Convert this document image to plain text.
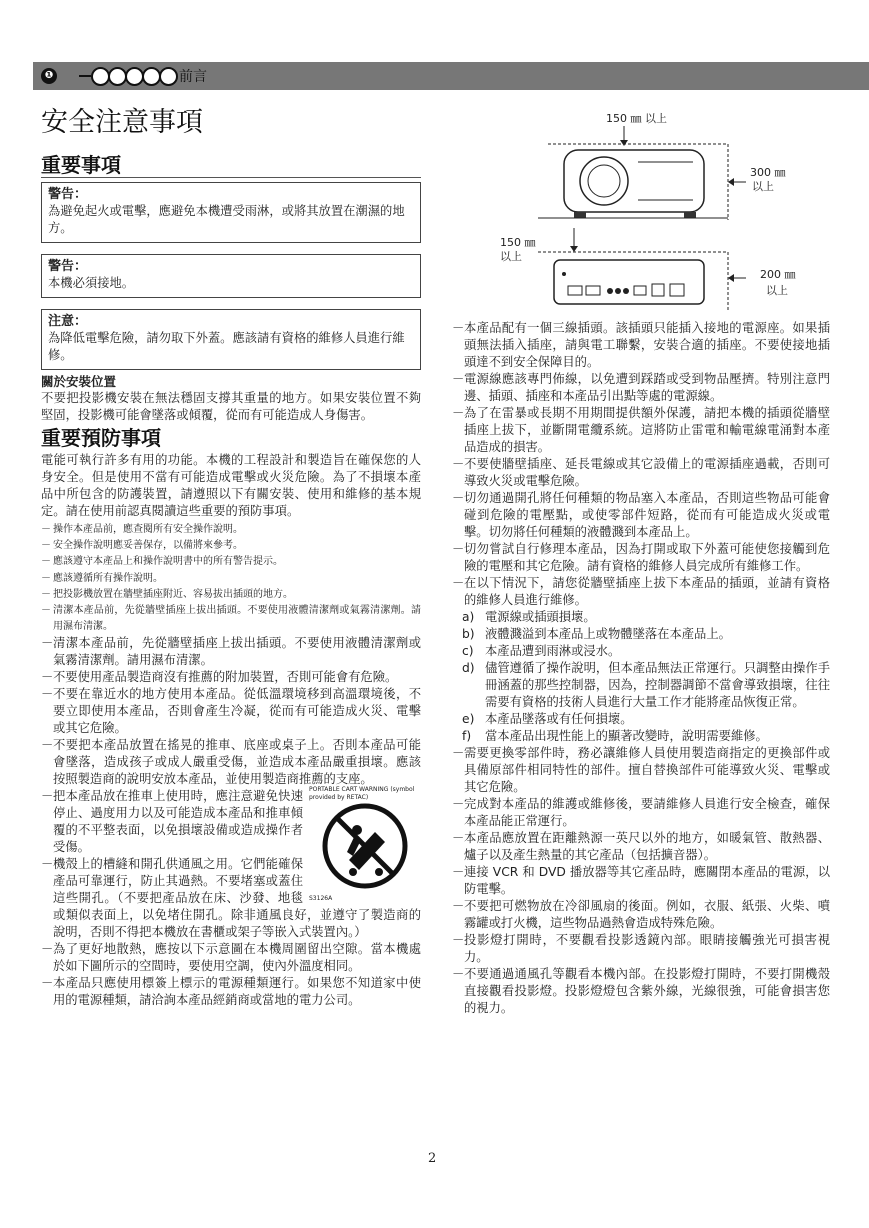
❶	前言
安全注意事項
重要事項
警告：
為避免起火或電擊，應避免本機遭受雨淋，或將其放置在潮濕的地方。
警告：
本機必須接地。
注意：
為降低電擊危險，請勿取下外蓋。應該請有資格的維修人員進行維修。
關於安裝位置

不要把投影機安裝在無法穩固支撐其重量的地方。如果安裝位置不夠堅固，投影機可能會墜落或傾覆，從而有可能造成人身傷害。

重要預防事項

電能可執行許多有用的功能。本機的工程設計和製造旨在確保您的人身安全。但是使用不當有可能造成電擊或火災危險。為了不損壞本產品中所包含的防護裝置，請遵照以下有關安裝、使用和維修的基本規定。請在使用前認真閱讀這些重要的預防事項。

－ 操作本產品前，應查閱所有安全操作說明。
－ 安全操作說明應妥善保存，以備將來參考。
－ 應該遵守本產品上和操作說明書中的所有警告提示。
－ 應該遵循所有操作說明。
－ 把投影機放置在牆壁插座附近、容易拔出插頭的地方。
－ 清潔本產品前，先從牆壁插座上拔出插頭。不要使用液體清潔劑或氣霧清潔劑。請用濕布清潔。
－ 清潔本產品前，先從牆壁插座上拔出插頭。不要使用液體清潔劑或氣霧清潔劑。請用濕布清潔。
－ 不要使用產品製造商沒有推薦的附加裝置，否則可能會有危險。
－ 不要在靠近水的地方使用本產品。從低溫環境移到高溫環境後，不要立即使用本產品，否則會產生冷凝，從而有可能造成火災、電擊或其它危險。
－ 不要把本產品放置在搖晃的推車、底座或桌子上。否則本產品可能會墜落，造成孩子或成人嚴重受傷，並造成本產品嚴重損壞。應該按照製造商的說明安放本產品，並使用製造商推薦的支座。
PORTABLE CART WARNING (symbol provided by RETAC)
S3126A
－ 把本產品放在推車上使用時，應注意避免快速停止、過度用力以及可能造成本產品和推車傾覆的不平整表面，以免損壞設備或造成操作者受傷。
－ 機殼上的槽縫和開孔供通風之用。它們能確保產品可靠運行，防止其過熱。不要堵塞或蓋住這些開孔。（不要把產品放在床、沙發、地毯或類似表面上，以免堵住開孔。除非通風良好，並遵守了製造商的說明，否則不得把本機放在書櫃或架子等嵌入式裝置內。）
－ 為了更好地散熱，應按以下示意圖在本機周圍留出空隙。當本機處於如下圖所示的空間時，要使用空調，使內外溫度相同。
－ 本產品只應使用標簽上標示的電源種類運行。如果您不知道家中使用的電源種類，請洽詢本產品經銷商或當地的電力公司。
150 ㎜ 以上
300 ㎜
以上
150 ㎜
以上
200 ㎜
以上
－ 本產品配有一個三線插頭。該插頭只能插入接地的電源座。如果插頭無法插入插座，請與電工聯繫，安裝合適的插座。不要使接地插頭達不到安全保障目的。
－ 電源線應該專門佈線，以免遭到踩踏或受到物品壓擠。特別注意門邊、插頭、插座和本產品引出點等處的電源線。
－ 為了在雷暴或長期不用期間提供額外保護，請把本機的插頭從牆壁插座上拔下，並斷開電纜系統。這將防止雷電和輸電線電涌對本產品造成的損害。
－ 不要使牆壁插座、延長電線或其它設備上的電源插座過載，否則可導致火災或電擊危險。
－ 切勿通過開孔將任何種類的物品塞入本產品，否則這些物品可能會碰到危險的電壓點，或使零部件短路，從而有可能造成火災或電擊。切勿將任何種類的液體濺到本產品上。
－ 切勿嘗試自行修理本產品，因為打開或取下外蓋可能使您接觸到危險的電壓和其它危險。請有資格的維修人員完成所有維修工作。
－ 在以下情況下，請您從牆壁插座上拔下本產品的插頭，並請有資格的維修人員進行維修。
a) 電源線或插頭損壞。
b) 液體濺溢到本產品上或物體墜落在本產品上。
c) 本產品遭到雨淋或浸水。
d) 儘管遵循了操作說明，但本產品無法正常運行。只調整由操作手冊涵蓋的那些控制器，因為，控制器調節不當會導致損壞，往往需要有資格的技術人員進行大量工作才能將產品恢復正常。
e) 本產品墜落或有任何損壞。
f) 當本產品出現性能上的顯著改變時，說明需要維修。
－ 需要更換零部件時，務必讓維修人員使用製造商指定的更換部件或具備原部件相同特性的部件。擅自替換部件可能導致火災、電擊或其它危險。
－ 完成對本產品的維護或維修後，要請維修人員進行安全檢查，確保本產品能正常運行。
－ 本產品應放置在距離熱源一英尺以外的地方，如暖氣管、散熱器、爐子以及產生熱量的其它產品（包括擴音器）。
－ 連接 VCR 和 DVD 播放器等其它產品時，應關閉本產品的電源，以防電擊。
－ 不要把可燃物放在冷卻風扇的後面。例如，衣服、紙張、火柴、噴霧罐或打火機，這些物品過熱會造成特殊危險。
－ 投影燈打開時，不要觀看投影透鏡內部。眼睛接觸強光可損害視力。
－ 不要通過通風孔等觀看本機內部。在投影燈打開時，不要打開機殼直接觀看投影燈。投影燈燈包含紫外線，光線很強，可能會損害您的視力。
2
